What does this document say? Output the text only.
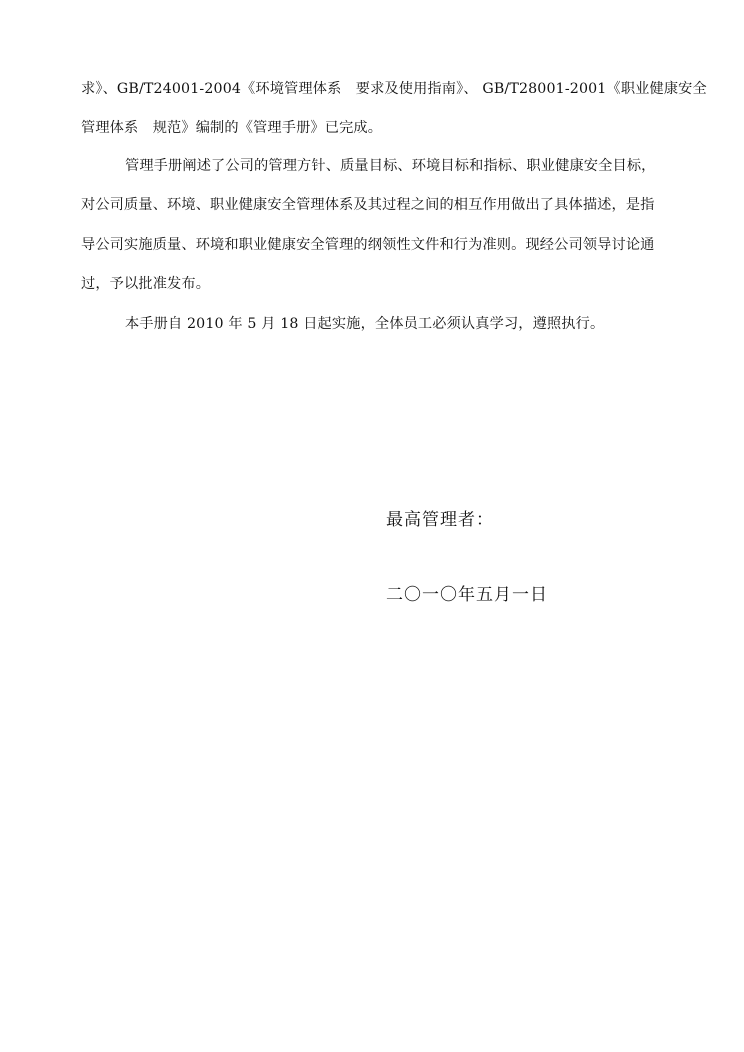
求》、GB/T24001-2004《环境管理体系　要求及使用指南》、 GB/T28001-2001《职业健康安全
管理体系　规范》编制的《管理手册》已完成。
管理手册阐述了公司的管理方针、质量目标、环境目标和指标、职业健康安全目标，
对公司质量、环境、职业健康安全管理体系及其过程之间的相互作用做出了具体描述，是指
导公司实施质量、环境和职业健康安全管理的纲领性文件和行为准则。现经公司领导讨论通
过，予以批准发布。
本手册自 2010 年 5 月 18 日起实施，全体员工必须认真学习，遵照执行。
最高管理者：
二〇一〇年五月一日
